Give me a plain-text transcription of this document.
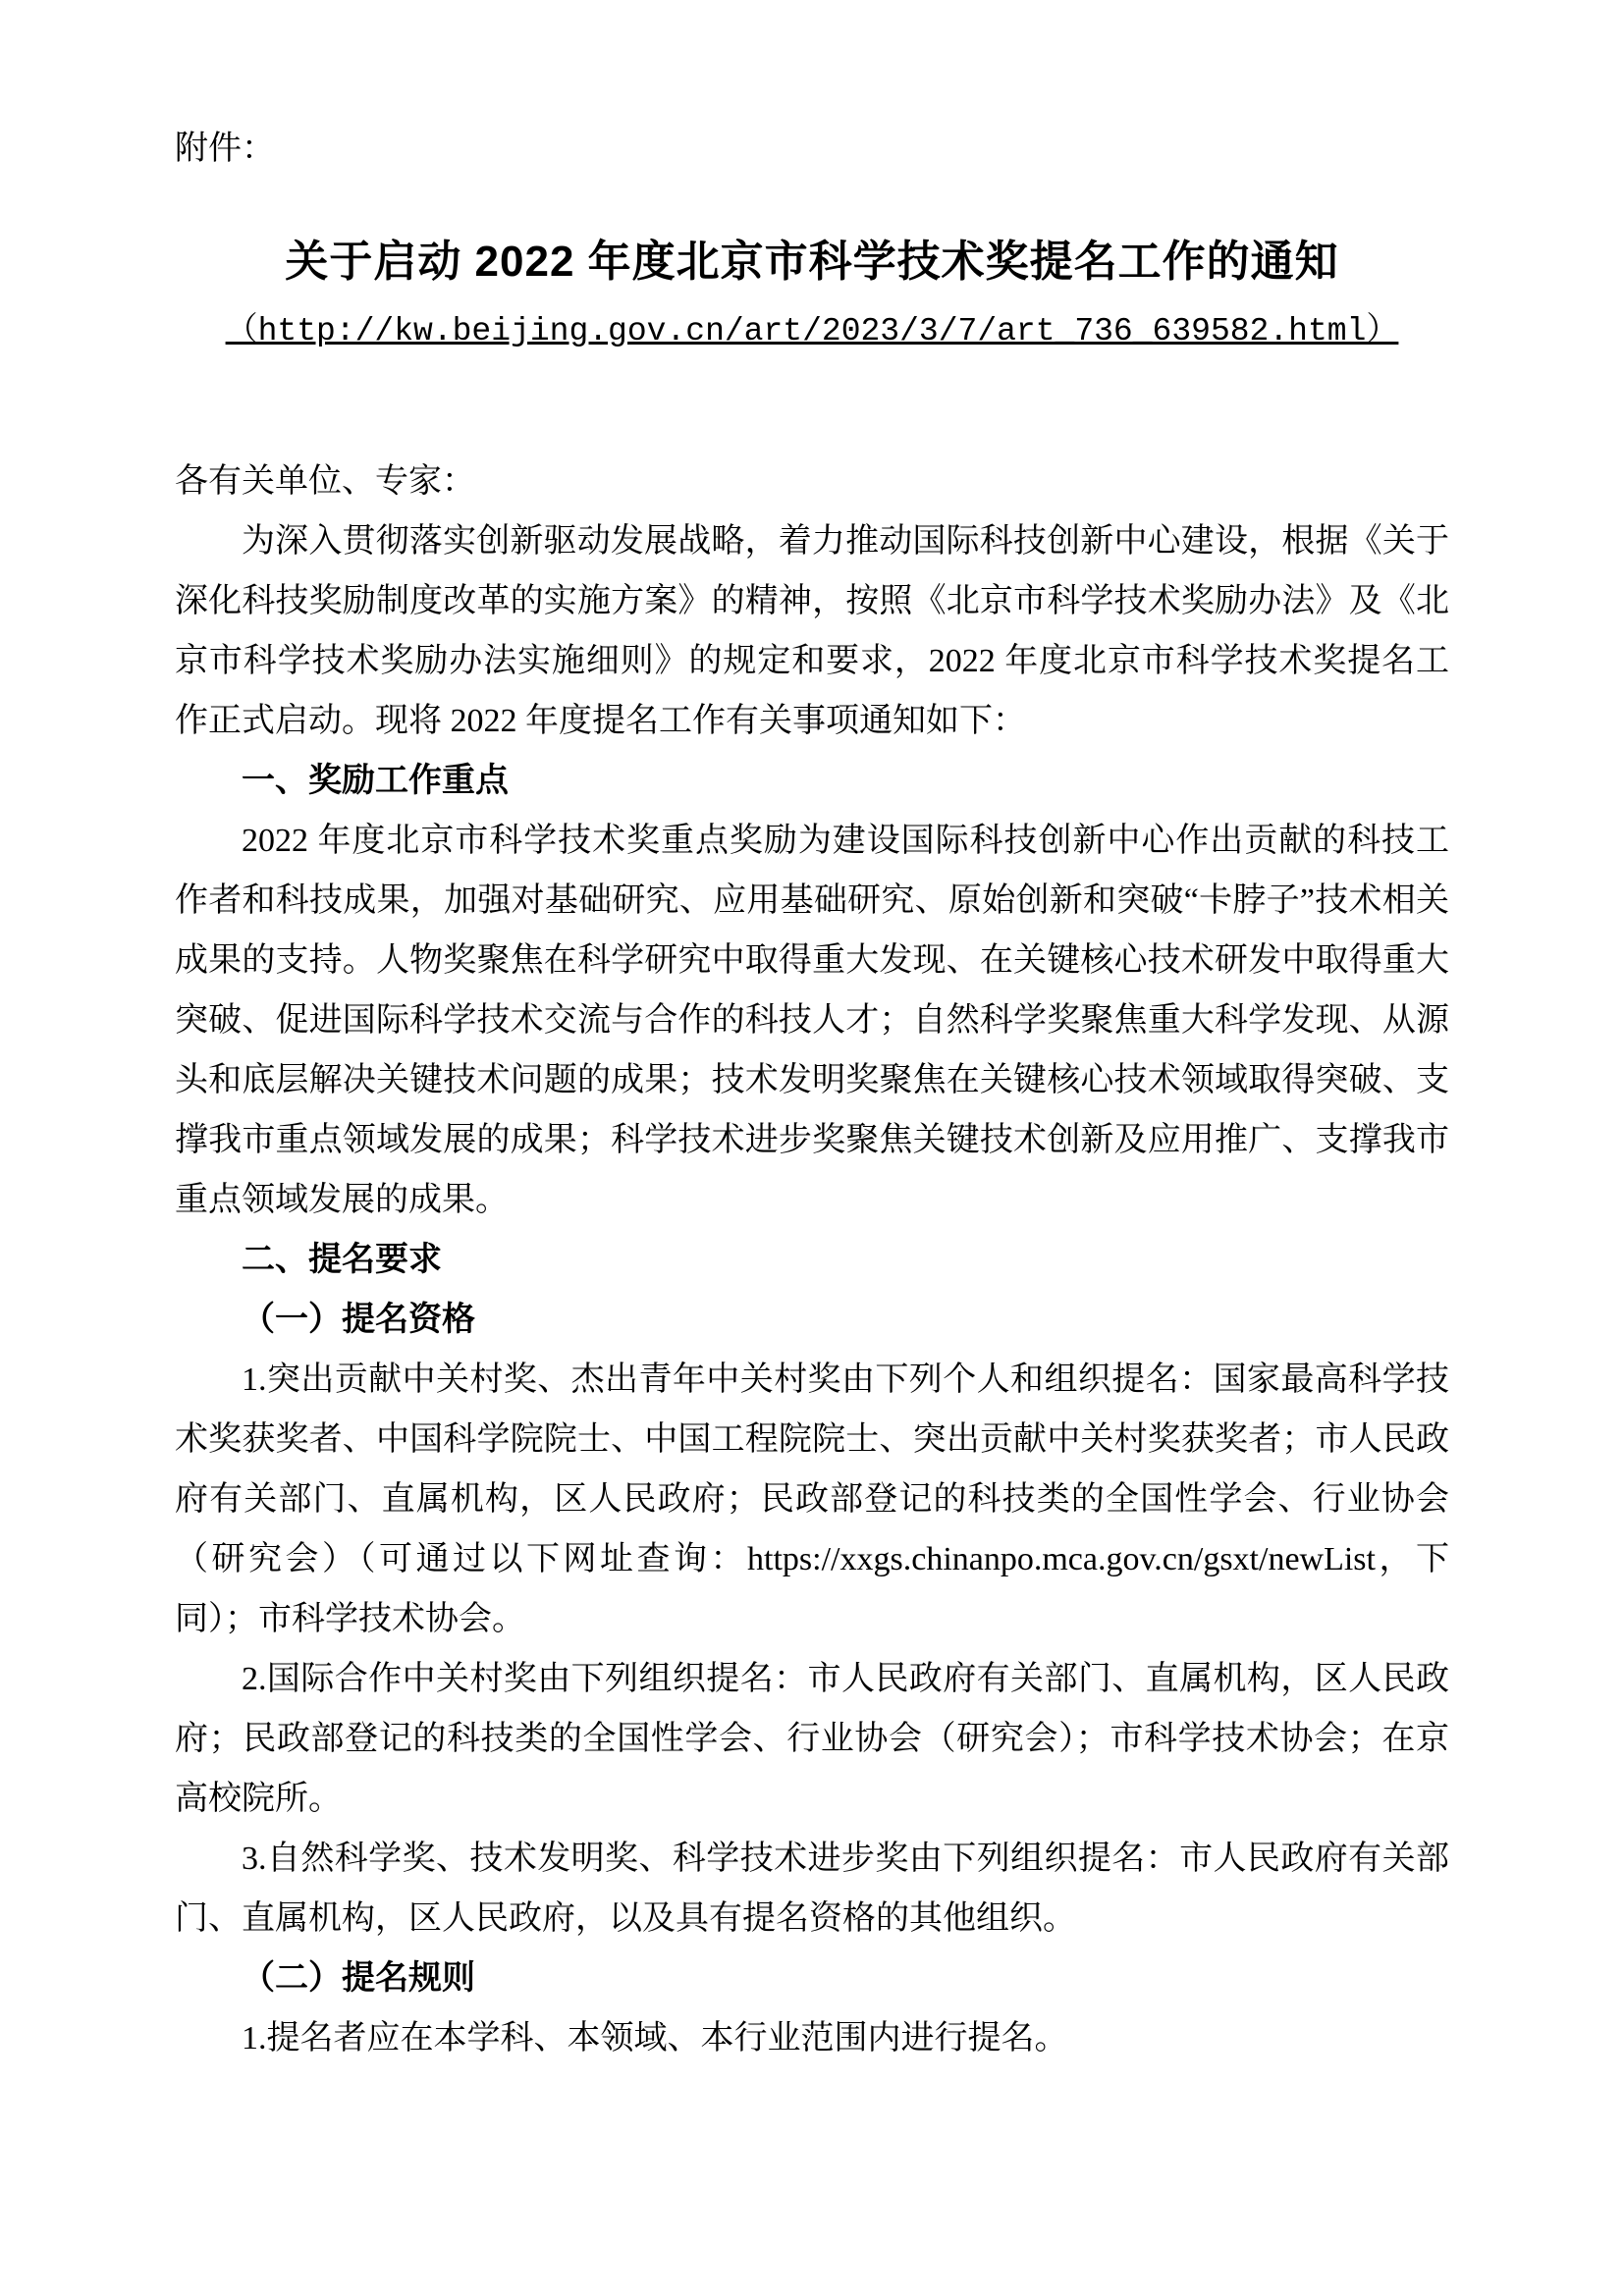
附件：

关于启动 2022 年度北京市科学技术奖提名工作的通知

（http://kw.beijing.gov.cn/art/2023/3/7/art_736_639582.html）

各有关单位、专家：

为深入贯彻落实创新驱动发展战略，着力推动国际科技创新中心建设，根据《关于深化科技奖励制度改革的实施方案》的精神，按照《北京市科学技术奖励办法》及《北京市科学技术奖励办法实施细则》的规定和要求，2022 年度北京市科学技术奖提名工作正式启动。现将 2022 年度提名工作有关事项通知如下：

一、奖励工作重点

2022 年度北京市科学技术奖重点奖励为建设国际科技创新中心作出贡献的科技工作者和科技成果，加强对基础研究、应用基础研究、原始创新和突破“卡脖子”技术相关成果的支持。人物奖聚焦在科学研究中取得重大发现、在关键核心技术研发中取得重大突破、促进国际科学技术交流与合作的科技人才；自然科学奖聚焦重大科学发现、从源头和底层解决关键技术问题的成果；技术发明奖聚焦在关键核心技术领域取得突破、支撑我市重点领域发展的成果；科学技术进步奖聚焦关键技术创新及应用推广、支撑我市重点领域发展的成果。

二、提名要求
（一）提名资格

1.突出贡献中关村奖、杰出青年中关村奖由下列个人和组织提名：国家最高科学技术奖获奖者、中国科学院院士、中国工程院院士、突出贡献中关村奖获奖者；市人民政府有关部门、直属机构，区人民政府；民政部登记的科技类的全国性学会、行业协会（研究会）（可通过以下网址查询：https://xxgs.chinanpo.mca.gov.cn/gsxt/newList，下同）；市科学技术协会。

2.国际合作中关村奖由下列组织提名：市人民政府有关部门、直属机构，区人民政府；民政部登记的科技类的全国性学会、行业协会（研究会）；市科学技术协会；在京高校院所。

3.自然科学奖、技术发明奖、科学技术进步奖由下列组织提名：市人民政府有关部门、直属机构，区人民政府，以及具有提名资格的其他组织。

（二）提名规则

1.提名者应在本学科、本领域、本行业范围内进行提名。
